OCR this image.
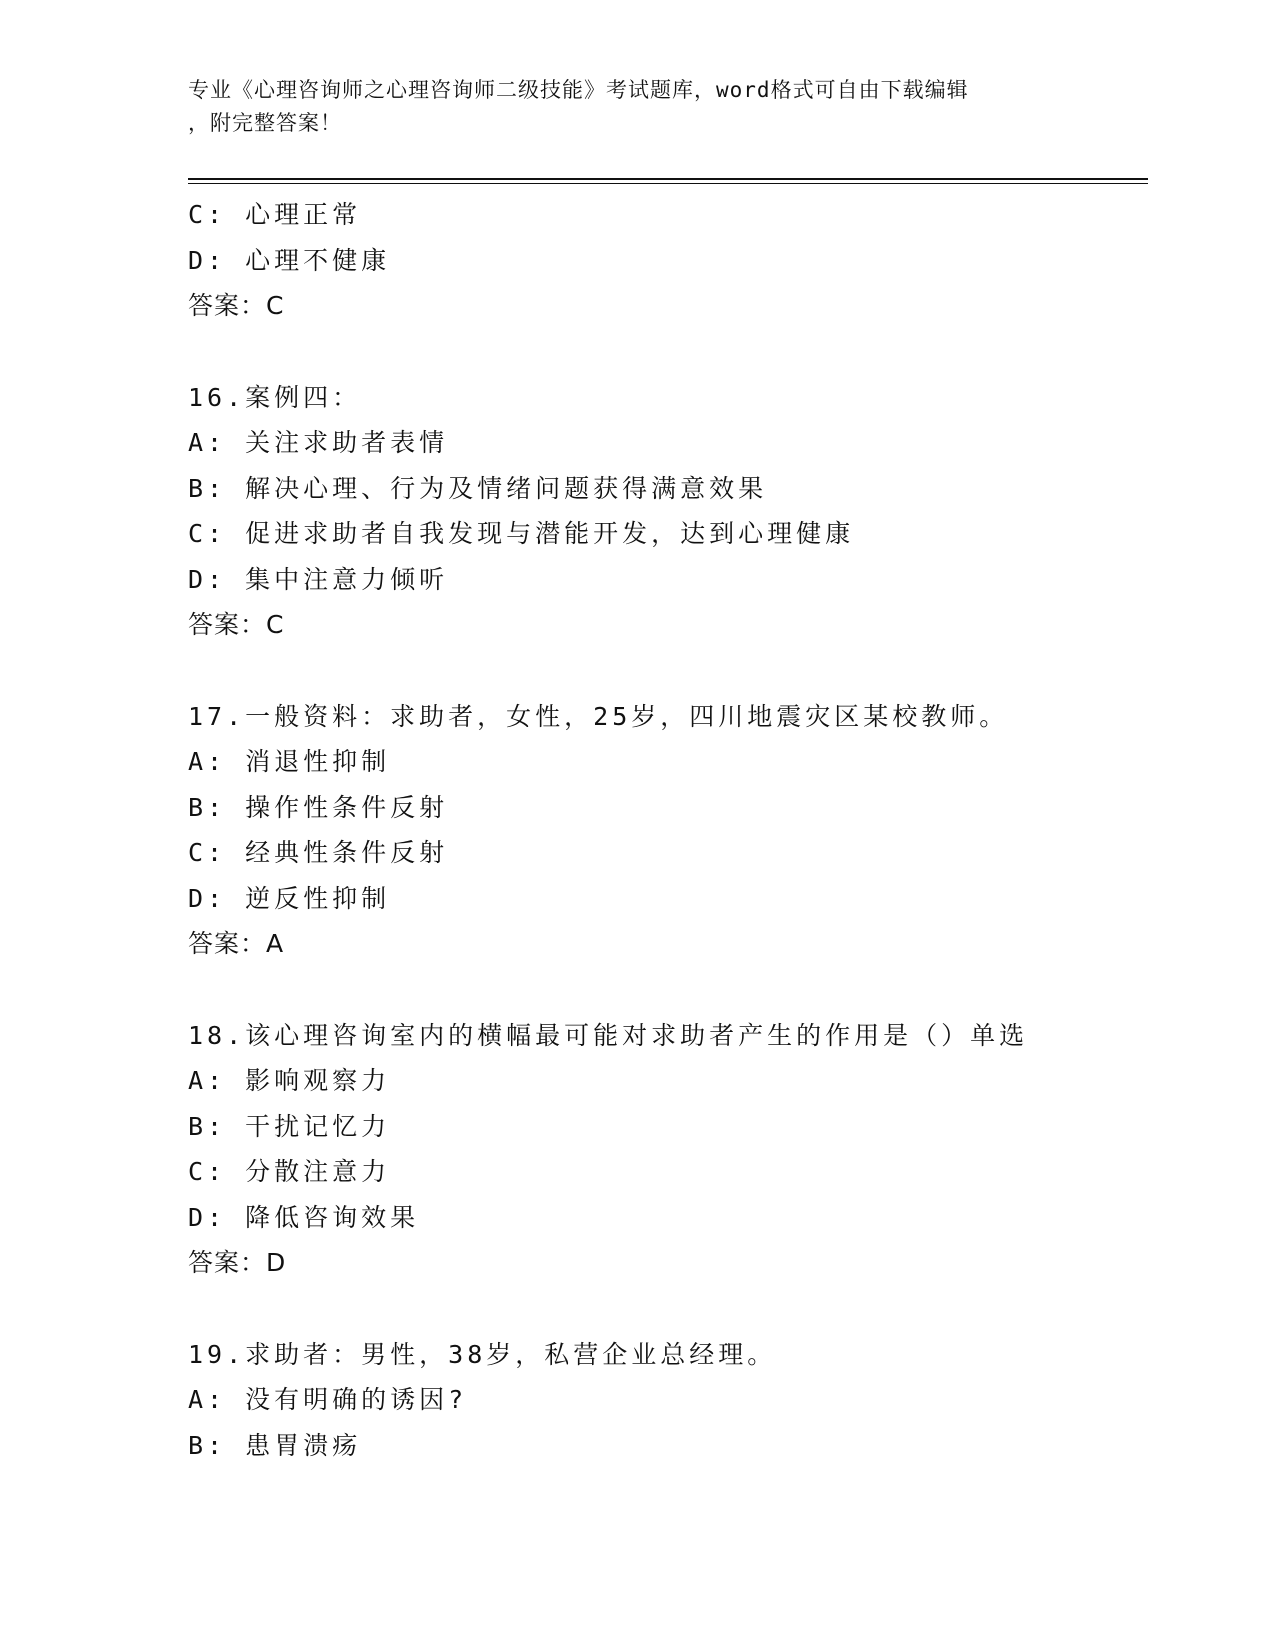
专业《心理咨询师之心理咨询师二级技能》考试题库，word格式可自由下载编辑
，附完整答案！
C: 心理正常
D: 心理不健康
答案：C
16.案例四：
A: 关注求助者表情
B: 解决心理、行为及情绪问题获得满意效果
C: 促进求助者自我发现与潜能开发，达到心理健康
D: 集中注意力倾听
答案：C
17.一般资料：求助者，女性，25岁，四川地震灾区某校教师。
A: 消退性抑制
B: 操作性条件反射
C: 经典性条件反射
D: 逆反性抑制
答案：A
18.该心理咨询室内的横幅最可能对求助者产生的作用是（）单选
A: 影响观察力
B: 干扰记忆力
C: 分散注意力
D: 降低咨询效果
答案：D
19.求助者：男性，38岁，私营企业总经理。
A: 没有明确的诱因?
B: 患胃溃疡
